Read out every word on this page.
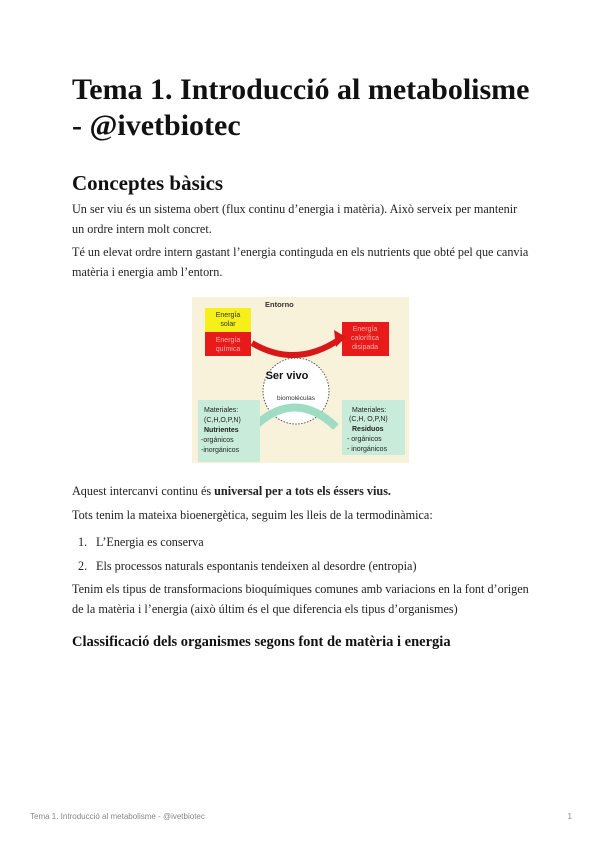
Tema 1. Introducció al metabolisme - @ivetbiotec
Conceptes bàsics

Un ser viu és un sistema obert (flux continu d’energia i matèria). Això serveix per mantenir un ordre intern molt concret.

Té un elevat ordre intern gastant l’energia continguda en els nutrients que obté pel que canvia matèria i energia amb l’entorn.

Entorno
Energía
solar
Energía
química
Energía
calorífica
disipada
Ser vivo
biomoléculas
Materiales:
(C,H,O,P,N)
Nutrientes
-orgánicos
-inorgánicos
Materiales:
(C,H, O,P,N)
Residuos
- orgánicos
- inorgánicos

Aquest intercanvi continu és universal per a tots els éssers vius.

Tots tenim la mateixa bioenergètica, seguim les lleis de la termodinàmica:

1. L’Energia es conserva
2. Els processos naturals espontanis tendeixen al desordre (entropia)

Tenim els tipus de transformacions bioquímiques comunes amb variacions en la font d’origen de la matèria i l’energia (això últim és el que diferencia els tipus d’organismes)

Classificació dels organismes segons font de matèria i energia
Tema 1. Introducció al metabolisme - @ivetbiotec	1
